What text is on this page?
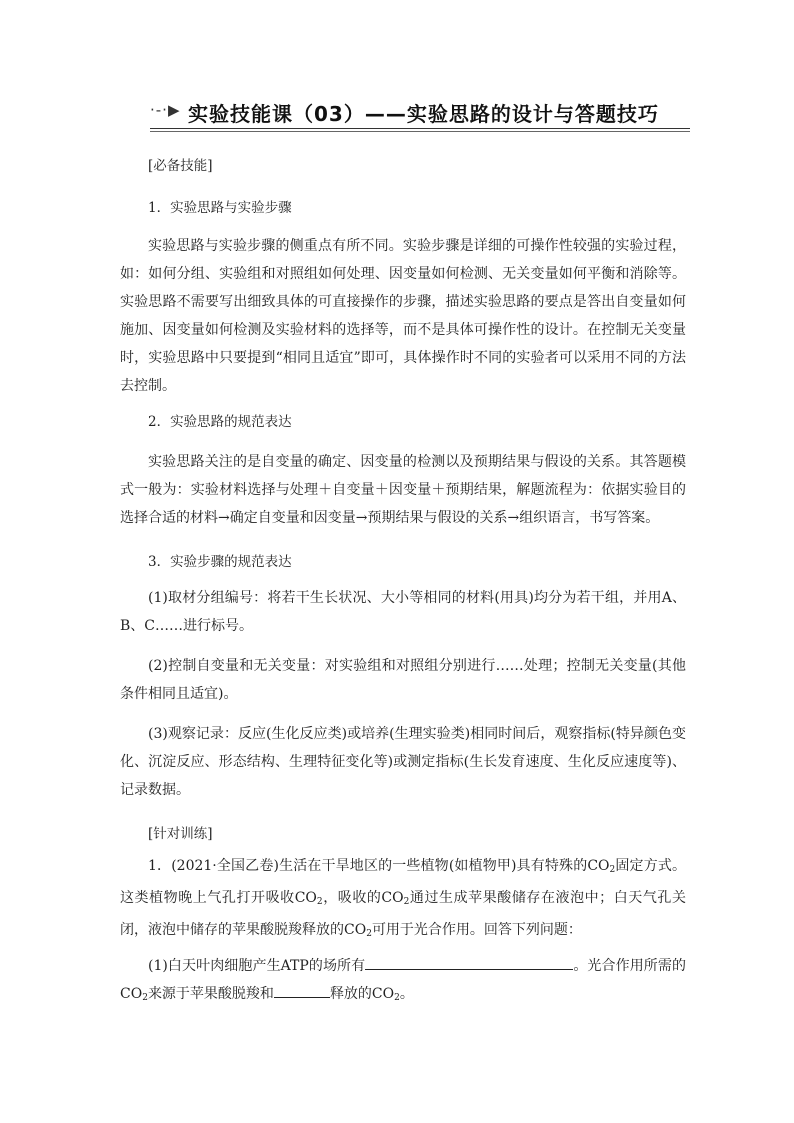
·-·▶ 实验技能课（03）——实验思路的设计与答题技巧
[必备技能]
1．实验思路与实验步骤

实验思路与实验步骤的侧重点有所不同。实验步骤是详细的可操作性较强的实验过程，如：如何分组、实验组和对照组如何处理、因变量如何检测、无关变量如何平衡和消除等。实验思路不需要写出细致具体的可直接操作的步骤，描述实验思路的要点是答出自变量如何施加、因变量如何检测及实验材料的选择等，而不是具体可操作性的设计。在控制无关变量时，实验思路中只要提到“相同且适宜”即可，具体操作时不同的实验者可以采用不同的方法去控制。

2．实验思路的规范表达

实验思路关注的是自变量的确定、因变量的检测以及预期结果与假设的关系。其答题模式一般为：实验材料选择与处理＋自变量＋因变量＋预期结果，解题流程为：依据实验目的选择合适的材料→确定自变量和因变量→预期结果与假设的关系→组织语言，书写答案。

3．实验步骤的规范表达

(1)取材分组编号：将若干生长状况、大小等相同的材料(用具)均分为若干组，并用A、B、C……进行标号。

(2)控制自变量和无关变量：对实验组和对照组分别进行……处理；控制无关变量(其他条件相同且适宜)。

(3)观察记录：反应(生化反应类)或培养(生理实验类)相同时间后，观察指标(特异颜色变化、沉淀反应、形态结构、生理特征变化等)或测定指标(生长发育速度、生化反应速度等)、记录数据。

[针对训练]

1．(2021·全国乙卷)生活在干旱地区的一些植物(如植物甲)具有特殊的$CO_2$固定方式。这类植物晚上气孔打开吸收$CO_2$，吸收的$CO_2$通过生成苹果酸储存在液泡中；白天气孔关闭，液泡中储存的苹果酸脱羧释放的$CO_2$可用于光合作用。回答下列问题：

(1)白天叶肉细胞产生ATP的场所有	。光合作用所需的$CO_2$来源于苹果酸脱羧和	释放的$CO_2$。
